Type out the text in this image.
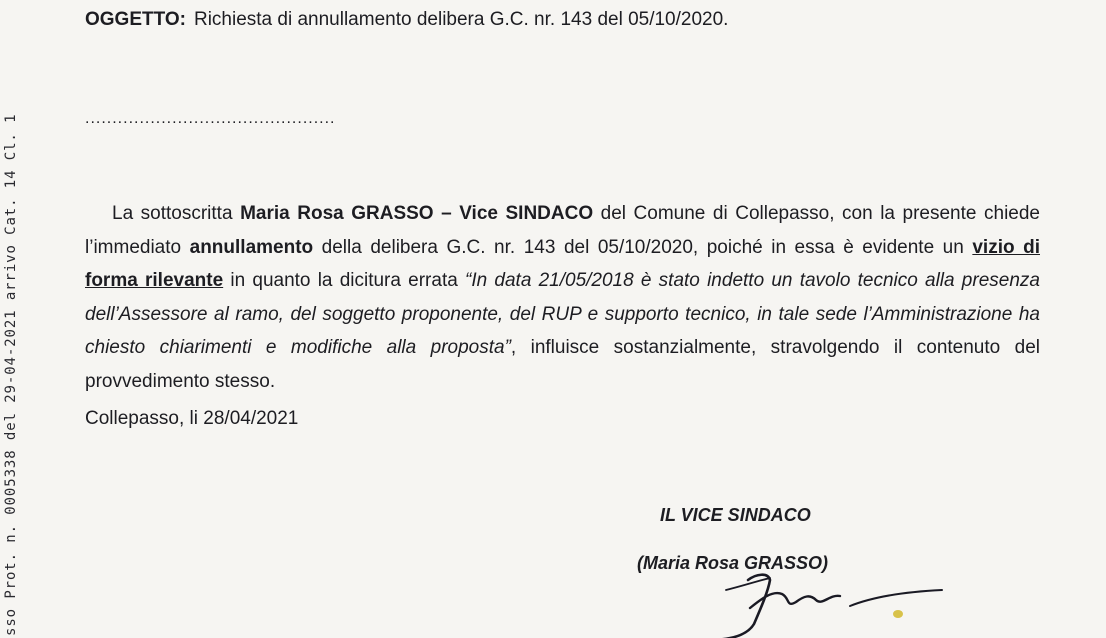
sso Prot. n. 0005338 del 29-04-2021 arrivo Cat. 14 Cl. 1
OGGETTO: Richiesta di annullamento delibera G.C. nr. 143 del 05/10/2020.
..............................................

La sottoscritta Maria Rosa GRASSO – Vice SINDACO del Comune di Collepasso, con la presente chiede l’immediato annullamento della delibera G.C. nr. 143 del 05/10/2020, poiché in essa è evidente un vizio di forma rilevante in quanto la dicitura errata “In data 21/05/2018 è stato indetto un tavolo tecnico alla presenza dell’Assessore al ramo, del soggetto proponente, del RUP e supporto tecnico, in tale sede l’Amministrazione ha chiesto chiarimenti e modifiche alla proposta”, influisce sostanzialmente, stravolgendo il contenuto del provvedimento stesso.

Collepasso, li 28/04/2021
IL VICE SINDACO
(Maria Rosa GRASSO)
